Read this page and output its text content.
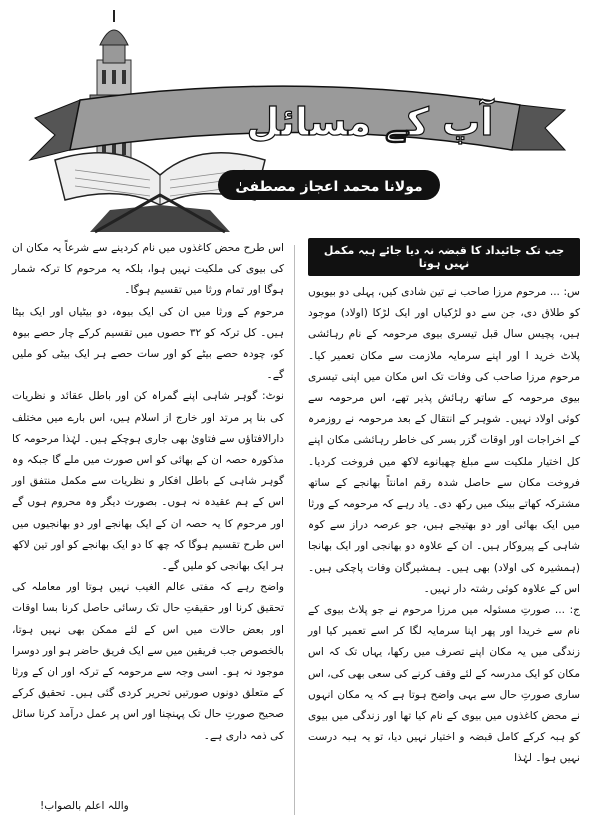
آپ کے مسائل
مولانا محمد اعجاز مصطفیٰ
جب تک جائیداد کا قبضہ نہ دیا جائے ہبہ مکمل نہیں ہوتا

س: ... مرحوم مرزا صاحب نے تین شادی کیں، پہلی دو بیویوں کو طلاق دی، جن سے دو لڑکیاں اور ایک لڑکا (اولاد) موجود ہیں، پچیس سال قبل تیسری بیوی مرحومہ کے نام رہائشی پلاٹ خرید ا اور اپنے سرمایہ ملازمت سے مکان تعمیر کیا۔ مرحوم مرزا صاحب کی وفات تک اس مکان میں اپنی تیسری بیوی مرحومہ کے ساتھ رہائش پذیر تھے، اس مرحومہ سے کوئی اولاد نہیں۔ شوہر کے انتقال کے بعد مرحومہ نے روزمرہ کے اخراجات اور اوقات گزر بسر کی خاطر رہائشی مکان اپنے کل اختیار ملکیت سے مبلغ چھیانوے لاکھ میں فروخت کردیا۔ فروخت مکان سے حاصل شدہ رقم امانتاً بھانجے کے ساتھ مشترکہ کھاتے بینک میں رکھ دی۔ یاد رہے کہ مرحومہ کے ورثا میں ایک بھائی اور دو بھتیجے ہیں، جو عرصہ دراز سے کوہ شاہی کے پیروکار ہیں۔ ان کے علاوہ دو بھانجی اور ایک بھانجا (ہمشیرہ کی اولاد) بھی ہیں۔ ہمشیرگان وفات پاچکی ہیں۔ اس کے علاوہ کوئی رشتہ دار نہیں۔

ج: ... صورتِ مسئولہ میں مرزا مرحوم نے جو پلاٹ بیوی کے نام سے خریدا اور پھر اپنا سرمایہ لگا کر اسے تعمیر کیا اور زندگی میں یہ مکان اپنے تصرف میں رکھا، یہاں تک کہ اس مکان کو ایک مدرسہ کے لئے وقف کرنے کی سعی بھی کی، اس ساری صورتِ حال سے یہی واضح ہوتا ہے کہ یہ مکان انہوں نے محض کاغذوں میں بیوی کے نام کیا تھا اور زندگی میں بیوی کو ہبہ کرکے کامل قبضہ و اختیار نہیں دیا، تو یہ ہبہ درست نہیں ہوا۔ لہٰذا

اس طرح محض کاغذوں میں نام کردینے سے شرعاً یہ مکان ان کی بیوی کی ملکیت نہیں ہوا، بلکہ یہ مرحوم کا ترکہ شمار ہوگا اور تمام ورثا میں تقسیم ہوگا۔

مرحوم کے ورثا میں ان کی ایک بیوہ، دو بیٹیاں اور ایک بیٹا ہیں۔ کل ترکہ کو ۳۲ حصوں میں تقسیم کرکے چار حصے بیوہ کو، چودہ حصے بیٹے کو اور سات حصے ہر ایک بیٹی کو ملیں گے۔

نوٹ: گوہر شاہی اپنے گمراہ کن اور باطل عقائد و نظریات کی بنا پر مرتد اور خارج از اسلام ہیں، اس بارے میں مختلف دارالافتاؤں سے فتاویٰ بھی جاری ہوچکے ہیں۔ لہٰذا مرحومہ کا مذکورہ حصہ ان کے بھائی کو اس صورت میں ملے گا جبکہ وہ گوہر شاہی کے باطل افکار و نظریات سے مکمل منتفق اور اس کے ہم عقیدہ نہ ہوں۔ بصورت دیگر وہ محروم ہوں گے اور مرحوم کا یہ حصہ ان کے ایک بھانجے اور دو بھانجیوں میں اس طرح تقسیم ہوگا کہ چھ کا دو ایک بھانجے کو اور تین لاکھ ہر ایک بھانجی کو ملیں گے۔

واضح رہے کہ مفتی عالم الغیب نہیں ہوتا اور معاملہ کی تحقیق کرنا اور حقیقتِ حال تک رسائی حاصل کرنا بسا اوقات اور بعض حالات میں اس کے لئے ممکن بھی نہیں ہوتا، بالخصوص جب فریقین میں سے ایک فریق حاضر ہو اور دوسرا موجود نہ ہو۔ اسی وجہ سے مرحومہ کے ترکہ اور ان کے ورثا کے متعلق دونوں صورتیں تحریر کردی گئی ہیں۔ تحقیق کرکے صحیح صورتِ حال تک پہنچنا اور اس پر عمل درآمد کرنا سائل کی ذمہ داری ہے۔

واللہ اعلم بالصواب!
